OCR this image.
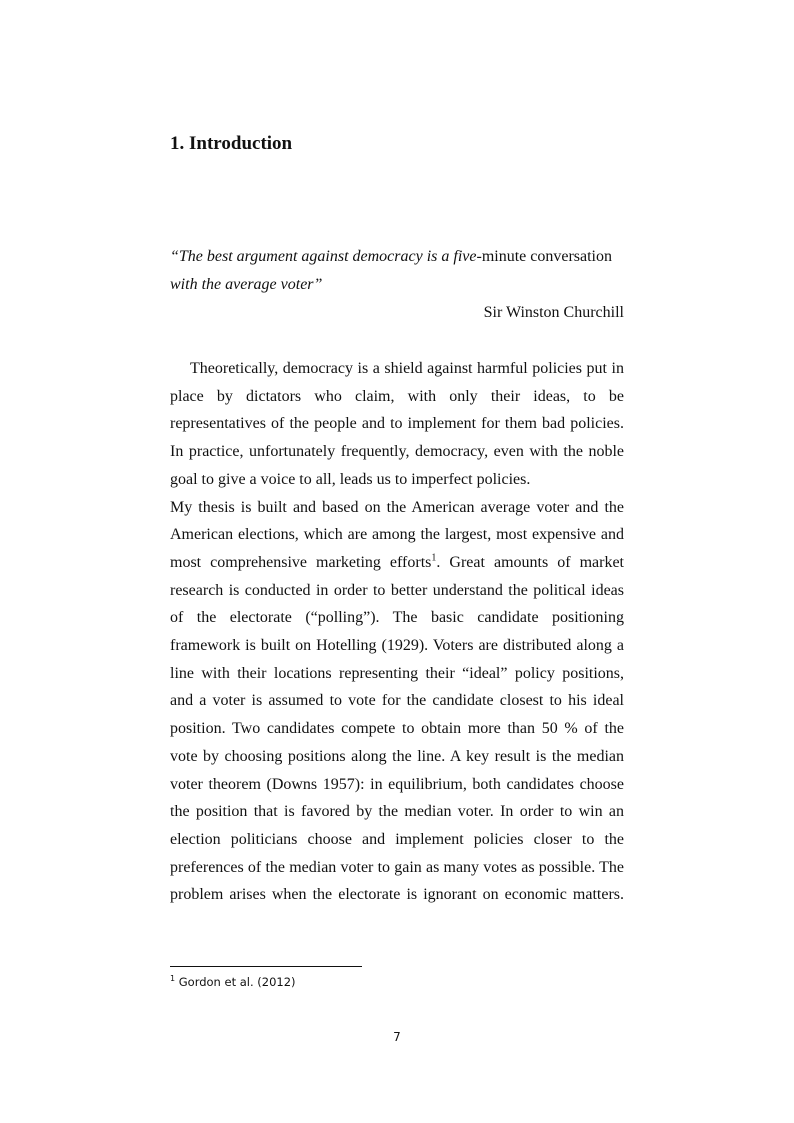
1. Introduction

“The best argument against democracy is a five-minute conversation
with the average voter”

Sir Winston Churchill

Theoretically, democracy is a shield against harmful policies put in place by dictators who claim, with only their ideas, to be representatives of the people and to implement for them bad policies. In practice, unfortunately frequently, democracy, even with the noble goal to give a voice to all, leads us to imperfect policies.

My thesis is built and based on the American average voter and the American elections, which are among the largest, most expensive and most comprehensive marketing efforts$^1$. Great amounts of market research is conducted in order to better understand the political ideas of the electorate (“polling”). The basic candidate positioning framework is built on Hotelling (1929). Voters are distributed along a line with their locations representing their “ideal” policy positions, and a voter is assumed to vote for the candidate closest to his ideal position. Two candidates compete to obtain more than 50 % of the vote by choosing positions along the line. A key result is the median voter theorem (Downs 1957): in equilibrium, both candidates choose the position that is favored by the median voter. In order to win an election politicians choose and implement policies closer to the preferences of the median voter to gain as many votes as possible. The problem arises when the electorate is ignorant on economic matters.

$^1$ Gordon et al. (2012)
7
